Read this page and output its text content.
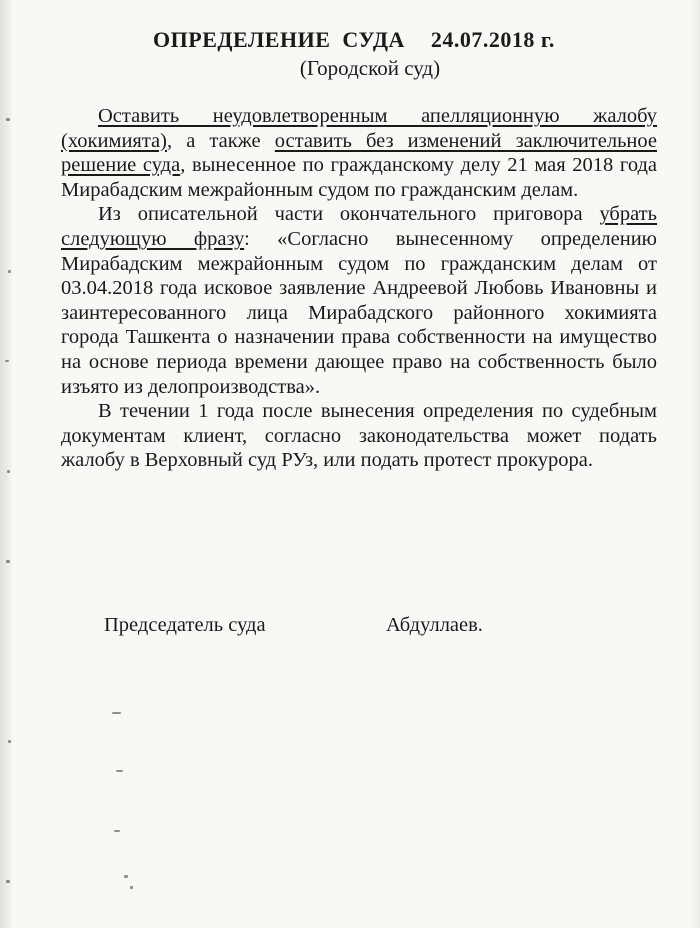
ОПРЕДЕЛЕНИЕ  СУДА 24.07.2018 г.
(Городской суд)

Оставить неудовлетворенным апелляционную жалобу (хокимията), а также оставить без изменений заключительное решение суда, вынесенное по гражданскому делу 21 мая 2018 года Мирабадским межрайонным судом по гражданским делам.

Из описательной части окончательного приговора убрать следующую фразу: «Согласно вынесенному определению Мирабадским межрайонным судом по гражданским делам от 03.04.2018 года исковое заявление Андреевой Любовь Ивановны и заинтересованного лица Мирабадского районного хокимията города Ташкента о назначении права собственности на имуществo на основе периода времени дающее право на собственность было изъято из делопроизводства».

В течении 1 года после вынесения определения по судебным документам клиент, согласно законодательства может подать жалобу в Верховный суд РУз, или подать протест прокурора.

Председатель суда	Абдуллаев.
